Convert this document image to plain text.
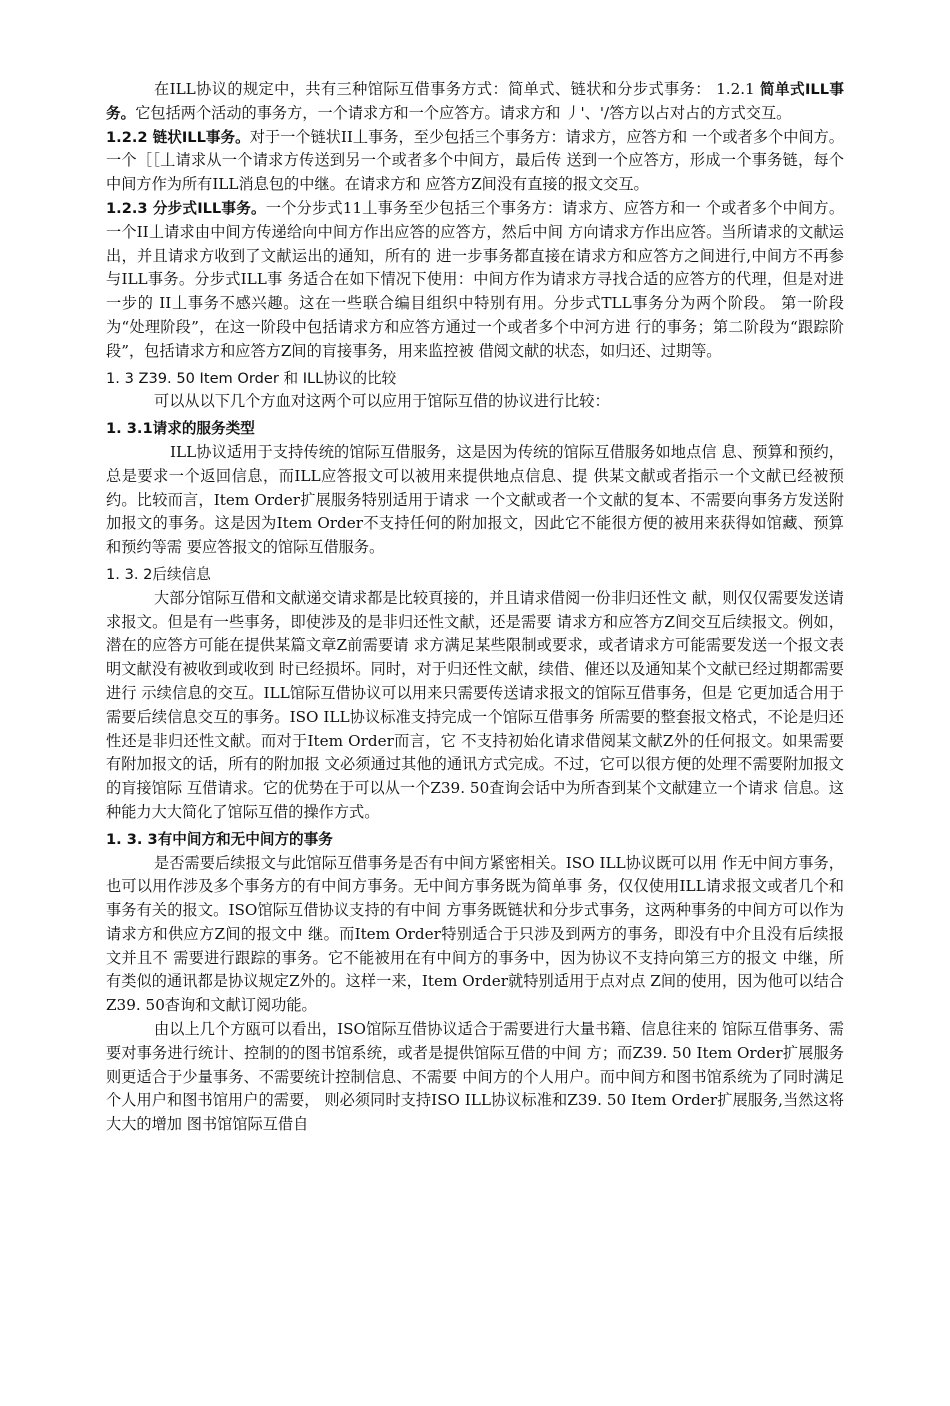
在ILL协议的规定中，共有三种馆际互借事务方式：简单式、链状和分步式事务： 1.2.1 简单式ILL事务。它包括两个活动的事务方，一个请求方和一个应答方。请求方和 丿'、'/答方以占对占的方式交互。

1.2.2 链状ILL事务。对于一个链状II丄事务，至少包括三个事务方：请求方，应答方和 一个或者多个中间方。一个［［丄请求从一个请求方传送到另一个或者多个中间方，最后传 送到一个应答方，形成一个事务链，每个中间方作为所有ILL消息包的中继。在请求方和 应答方Z间没有直接的报文交互。

1.2.3 分步式ILL事务。一个分步式11丄事务至少包括三个事务方：请求方、应答方和一 个或者多个中间方。一个II丄请求由中间方传递给向中间方作出应答的应答方，然后中间 方向请求方作出应答。当所请求的文献运出，并且请求方收到了文献运出的通知，所有的 进一步事务都直接在请求方和应答方之间进行,中间方不再参与ILL事务。分步式ILL事 务适合在如下情况下使用：中间方作为请求方寻找合适的应答方的代理，但是对进一步的 II丄事务不感兴趣。这在一些联合编目组织中特别有用。分步式TLL事务分为两个阶段。 第一阶段为“处理阶段”，在这一阶段中包括请求方和应答方通过一个或者多个中河方进 行的事务；第二阶段为“跟踪阶段”，包括请求方和应答方Z间的肓接事务，用来监控被 借阅文献的状态，如归还、过期等。

1. 3 Z39. 50 Item Order 和 ILL协议的比较

可以从以下几个方血对这两个可以应用于馆际互借的协议进行比较：

1. 3.1请求的服务类型

ILL协议适用于支持传统的馆际互借服务，这是因为传统的馆际互借服务如地点信 息、预算和预约，总是要求一个返回信息，而ILL应答报文可以被用来提供地点信息、提 供某文献或者指示一个文献已经被预约。比较而言，Item Order扩展服务特别适用于请求 一个文献或者一个文献的复本、不需要向事务方发送附加报文的事务。这是因为Item Order不支持任何的附加报文，因此它不能很方便的被用来获得如馆藏、预算和预约等需 要应答报文的馆际互借服务。

1. 3. 2后续信息

大部分馆际互借和文献递交请求都是比较頁接的，并且请求借阅一份非归还性文 献，则仅仅需要发送请求报文。但是有一些事务，即使涉及的是非归还性文献，还是需要 请求方和应答方Z间交互后续报文。例如，潜在的应答方可能在提供某篇文章Z前需要请 求方满足某些限制或要求，或者请求方可能需要发送一个报文表明文献没有被收到或收到 时已经损坏。同时，对于归还性文献，续借、催还以及通知某个文献已经过期都需要进行 示续信息的交互。ILL馆际互借协议可以用来只需要传送请求报文的馆际互借事务，但是 它更加适合用于需要后续信息交互的事务。ISO ILL协议标准支持完成一个馆际互借事务 所需要的整套报文格式，不论是归还性还是非归还性文献。而对于Item Order而言，它 不支持初始化请求借阅某文献Z外的任何报文。如果需要有附加报文的话，所有的附加报 文必须通过其他的通讯方式完成。不过，它可以很方便的处理不需要附加报文的肓接馆际 互借请求。它的优势在于可以从一个Z39. 50査询会话中为所杳到某个文献建立一个请求 信息。这种能力大大简化了馆际互借的操作方式。

1. 3. 3有中间方和无中间方的事务

是否需要后续报文与此馆际互借事务是否有中间方紧密相关。ISO ILL协议既可以用 作无中间方事务，也可以用作涉及多个事务方的有中间方事务。无中间方事务既为简单事 务，仅仅使用ILL请求报文或者几个和事务有关的报文。ISO馆际互借协议支持的有中间 方事务既链状和分步式事务，这两种事务的中间方可以作为请求方和供应方Z间的报文中 继。而Item Order特别适合于只涉及到两方的事务，即没有中介且没有后续报文并且不 需要进行跟踪的事务。它不能被用在有中间方的事务中，因为协议不支持向第三方的报文 中继，所有类似的通讯都是协议规定Z外的。这样一来，Item Order就特别适用于点对点 Z间的使用，因为他可以结合Z39. 50杳询和文献订阅功能。

由以上几个方瓯可以看出，ISO馆际互借协议适合于需要进行大量书籍、信息往来的 馆际互借事务、需要对事务进行统计、控制的的图书馆系统，或者是提供馆际互借的中间 方；而Z39. 50 Item Order扩展服务则更适合于少量事务、不需要统计控制信息、不需要 中间方的个人用户。而中间方和图书馆系统为了同时满足个人用户和图书馆用户的需要， 则必须同时支持ISO ILL协议标准和Z39. 50 Item Order扩展服务,当然这将大大的增加 图书馆馆际互借自
